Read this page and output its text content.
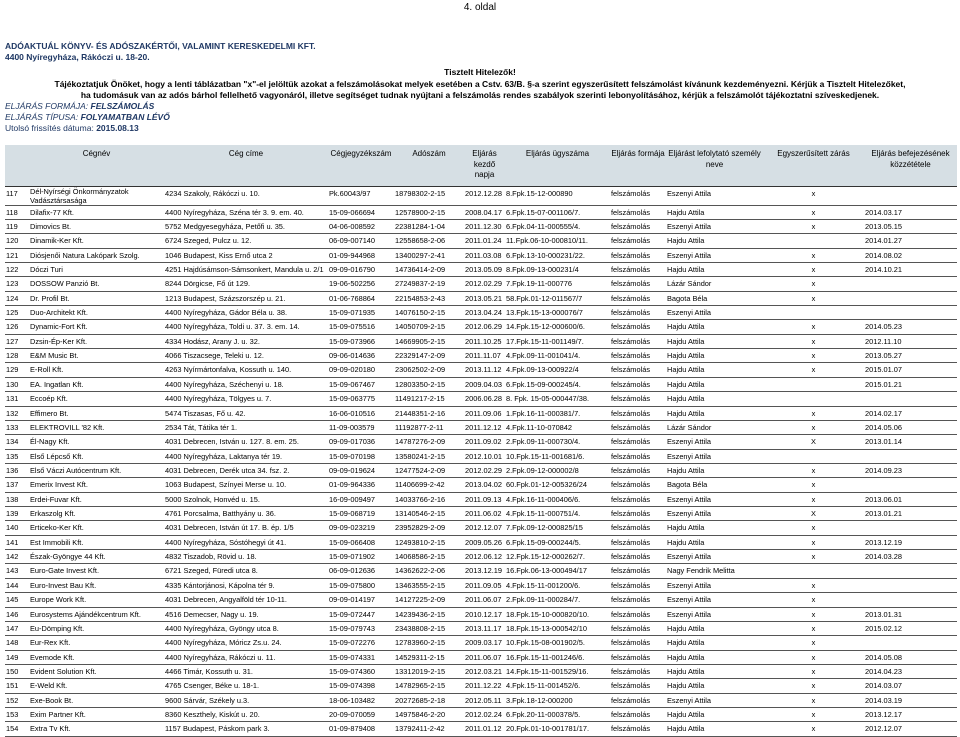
4. oldal
ADÓAKTUÁL KÖNYV- ÉS ADÓSZAKÉRTŐI, VALAMINT KERESKEDELMI KFT.
4400 Nyíregyháza, Rákóczi u. 18-20.
Tisztelt Hitelezők!
Tájékoztatjuk Önöket, hogy a lenti táblázatban "x"-el jelöltük azokat a felszámolásokat melyek esetében a Cstv. 63/B. §-a szerint egyszerűsített felszámolást kívánunk kezdeményezni. Kérjük a Tisztelt Hitelezőket,
ha tudomásuk van az adós bárhol fellelhető vagyonáról, illetve segítséget tudnak nyújtani a felszámolás rendes szabályok szerinti lebonyolításához, kérjük a felszámolót tájékoztatni szíveskedjenek.
ELJÁRÁS FORMÁJA: FELSZÁMOLÁS
ELJÁRÁS TÍPUSA: FOLYAMATBAN LÉVŐ
Utolsó frissítés dátuma: 2015.08.13
	Cégnév	Cég címe	Cégjegyzékszám	Adószám	Eljárás kezdő napja	Eljárás ügyszáma	Eljárás formája	Eljárást lefolytató személy neve	Egyszerűsített zárás	Eljárás befejezésének közzététele
117	Dél-Nyírségi Önkormányzatok Vadásztársasága	4234 Szakoly, Rákóczi u. 10.	Pk.60043/97	18798302-2-15	2012.12.28	8.Fpk.15-12-000890	felszámolás	Eszenyi Attila	x	
118	Dilafix-77 Kft.	4400 Nyíregyháza, Széna tér 3. 9. em. 40.	15-09-066694	12578900-2-15	2008.04.17	6.Fpk.15-07-001106/7.	felszámolás	Hajdu Attila	x	2014.03.17
119	Dimovics Bt.	5752 Medgyesegyháza, Petőfi u. 35.	04-06-008592	22381284-1-04	2011.12.30	6.Fpk.04-11-000555/4.	felszámolás	Eszenyi Attila	x	2013.05.15
120	Dinamik-Ker Kft.	6724 Szeged, Pulcz u. 12.	06-09-007140	12558658-2-06	2011.01.24	11.Fpk.06-10-000810/11.	felszámolás	Hajdu Attila		2014.01.27
121	Diósjenői Natura Lakópark Szolg.	1046 Budapest, Kiss Ernő utca 2	01-09-944968	13400297-2-41	2011.03.08	6.Fpk.13-10-000231/22.	felszámolás	Eszenyi Attila	x	2014.08.02
122	Dóczi Turi	4251 Hajdúsámson-Sámsonkert, Mandula u. 2/1	09-09-016790	14736414-2-09	2013.05.09	8.Fpk.09-13-000231/4	felszámolás	Hajdu Attila	x	2014.10.21
123	DOSSOW Panzió Bt.	8244 Dörgicse, Fő út 129.	19-06-502256	27249837-2-19	2012.02.29	7.Fpk.19-11-000776	felszámolás	Lázár Sándor	x	
124	Dr. Profil Bt.	1213 Budapest, Százszorszép u. 21.	01-06-768864	22154853-2-43	2013.05.21	58.Fpk.01-12-011567/7	felszámolás	Bagota Béla	x	
125	Duo-Architekt Kft.	4400 Nyíregyháza, Gádor Béla u. 38.	15-09-071935	14076150-2-15	2013.04.24	13.Fpk.15-13-000076/7	felszámolás	Eszenyi Attila		
126	Dynamic-Fort Kft.	4400 Nyíregyháza, Toldi u. 37. 3. em. 14.	15-09-075516	14050709-2-15	2012.06.29	14.Fpk.15-12-000600/6.	felszámolás	Hajdu Attila	x	2014.05.23
127	Dzsin-Ép-Ker Kft.	4334 Hodász, Arany J. u. 32.	15-09-073966	14669905-2-15	2011.10.25	17.Fpk.15-11-001149/7.	felszámolás	Hajdu Attila	x	2012.11.10
128	E&M Music Bt.	4066 Tiszacsege, Teleki u. 12.	09-06-014636	22329147-2-09	2011.11.07	4.Fpk.09-11-001041/4.	felszámolás	Hajdu Attila	x	2013.05.27
129	E-Roll Kft.	4263 Nyírmártonfalva, Kossuth u. 140.	09-09-020180	23062502-2-09	2013.11.12	4.Fpk.09-13-000922/4	felszámolás	Hajdu Attila	x	2015.01.07
130	EA. Ingatlan Kft.	4400 Nyíregyháza, Széchenyi u. 18.	15-09-067467	12803350-2-15	2009.04.03	6.Fpk.15-09-000245/4.	felszámolás	Hajdu Attila		2015.01.21
131	Eccoép Kft.	4400 Nyíregyháza, Tölgyes u. 7.	15-09-063775	11491217-2-15	2006.06.28	8. Fpk. 15-05-000447/38.	felszámolás	Hajdu Attila		
132	Effimero Bt.	5474 Tiszasas, Fő u. 42.	16-06-010516	21448351-2-16	2011.09.06	1.Fpk.16-11-000381/7.	felszámolás	Hajdu Attila	x	2014.02.17
133	ELEKTROVILL '82 Kft.	2534 Tát, Tátika tér 1.	11-09-003579	11192877-2-11	2011.12.12	4.Fpk.11-10-070842	felszámolás	Lázár Sándor	x	2014.05.06
134	Él-Nagy Kft.	4031 Debrecen, István u. 127. 8. em. 25.	09-09-017036	14787276-2-09	2011.09.02	2.Fpk.09-11-000730/4.	felszámolás	Eszenyi Attila	X	2013.01.14
135	Első Lépcső Kft.	4400 Nyíregyháza, Laktanya tér 19.	15-09-070198	13580241-2-15	2012.10.01	10.Fpk.15-11-001681/6.	felszámolás	Eszenyi Attila		
136	Első Váczi Autócentrum Kft.	4031 Debrecen, Derék utca 34. fsz. 2.	09-09-019624	12477524-2-09	2012.02.29	2.Fpk.09-12-000002/8	felszámolás	Hajdu Attila	x	2014.09.23
137	Emerix Invest Kft.	1063 Budapest, Színyei Merse u. 10.	01-09-964336	11406699-2-42	2013.04.02	60.Fpk.01-12-005326/24	felszámolás	Bagota Béla	x	
138	Erdei-Fuvar Kft.	5000 Szolnok, Honvéd u. 15.	16-09-009497	14033766-2-16	2011.09.13	4.Fpk.16-11-000406/6.	felszámolás	Eszenyi Attila	x	2013.06.01
139	Erkaszolg Kft.	4761 Porcsalma, Batthyány u. 36.	15-09-068719	13140546-2-15	2011.06.02	4.Fpk.15-11-000751/4.	felszámolás	Eszenyi Attila	X	2013.01.21
140	Erticeko-Ker Kft.	4031 Debrecen, István út 17. B. ép. 1/5	09-09-023219	23952829-2-09	2012.12.07	7.Fpk.09-12-000825/15	felszámolás	Hajdu Attila	x	
141	Est Immobili Kft.	4400 Nyíregyháza, Sóstóhegyi út 41.	15-09-066408	12493810-2-15	2009.05.26	6.Fpk.15-09-000244/5.	felszámolás	Hajdu Attila	x	2013.12.19
142	Észak-Gyöngye 44 Kft.	4832 Tiszadob, Rövid u. 18.	15-09-071902	14068586-2-15	2012.06.12	12.Fpk.15-12-000262/7.	felszámolás	Eszenyi Attila	x	2014.03.28
143	Euro-Gate Invest Kft.	6721 Szeged, Füredi utca 8.	06-09-012636	14362622-2-06	2013.12.19	16.Fpk.06-13-000494/17	felszámolás	Nagy Fendrik Melitta		
144	Euro-Invest Bau Kft.	4335 Kántorjánosi, Kápolna tér 9.	15-09-075800	13463555-2-15	2011.09.05	4.Fpk.15-11-001200/6.	felszámolás	Eszenyi Attila	x	
145	Europe Work Kft.	4031 Debrecen, Angyalföld tér 10-11.	09-09-014197	14127225-2-09	2011.06.07	2.Fpk.09-11-000284/7.	felszámolás	Eszenyi Attila	x	
146	Eurosystems Ajándékcentrum Kft.	4516 Demecser, Nagy u. 19.	15-09-072447	14239436-2-15	2010.12.17	18.Fpk.15-10-000820/10.	felszámolás	Eszenyi Attila	x	2013.01.31
147	Eu-Dömping Kft.	4400 Nyíregyháza, Gyöngy utca 8.	15-09-079743	23438808-2-15	2013.11.17	18.Fpk.15-13-000542/10	felszámolás	Hajdu Attila	x	2015.02.12
148	Eur-Rex Kft.	4400 Nyíregyháza, Móricz Zs.u. 24.	15-09-072276	12783960-2-15	2009.03.17	10.Fpk.15-08-001902/5.	felszámolás	Hajdu Attila	x	
149	Evemode Kft.	4400 Nyíregyháza, Rákóczi u. 11.	15-09-074331	14529311-2-15	2011.06.07	16.Fpk.15-11-001246/6.	felszámolás	Hajdu Attila	x	2014.05.08
150	Evident Solution Kft.	4466 Timár, Kossuth u. 31.	15-09-074360	13312019-2-15	2012.03.21	14.Fpk.15-11-001529/16.	felszámolás	Hajdu Attila	x	2014.04.23
151	E-Weld Kft.	4765 Csenger, Béke u. 18-1.	15-09-074398	14782965-2-15	2011.12.22	4.Fpk.15-11-001452/6.	felszámolás	Hajdu Attila	x	2014.03.07
152	Exe-Book Bt.	9600 Sárvár, Székely u.3.	18-06-103482	20272685-2-18	2012.05.11	3.Fpk.18-12-000200	felszámolás	Eszenyi Attila	x	2014.03.19
153	Exim Partner Kft.	8360 Keszthely, Kiskút u. 20.	20-09-070059	14975846-2-20	2012.02.24	6.Fpk.20-11-000378/5.	felszámolás	Hajdu Attila	x	2013.12.17
154	Extra Tv Kft.	1157 Budapest, Páskom park 3.	01-09-879408	13792411-2-42	2011.01.12	20.Fpk.01-10-001781/17.	felszámolás	Hajdu Attila	x	2012.12.07
